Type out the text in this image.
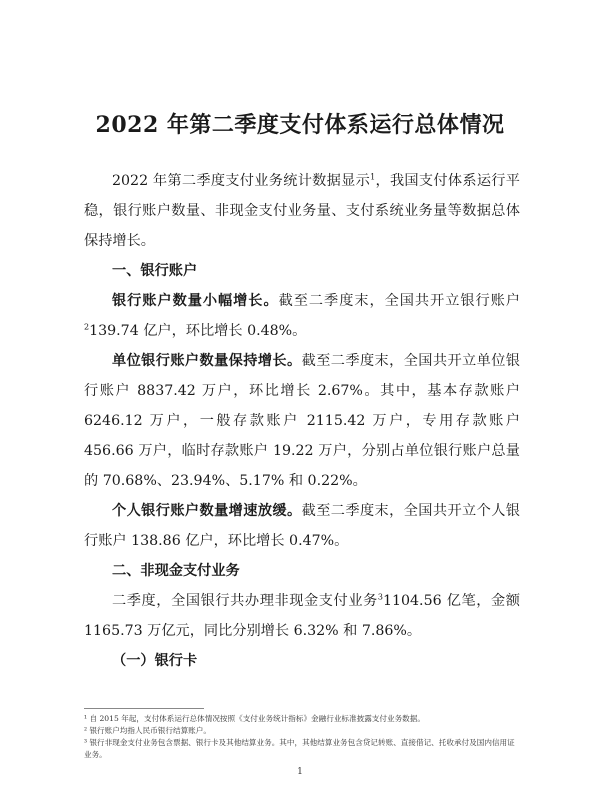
2022 年第二季度支付体系运行总体情况

2022 年第二季度支付业务统计数据显示$^1$，我国支付体系运行平稳，银行账户数量、非现金支付业务量、支付系统业务量等数据总体保持增长。

一、银行账户

银行账户数量小幅增长。截至二季度末，全国共开立银行账户$^2$139.74 亿户，环比增长 0.48%。

单位银行账户数量保持增长。截至二季度末，全国共开立单位银行账户 8837.42 万户，环比增长 2.67%。其中，基本存款账户 6246.12 万户，一般存款账户 2115.42 万户，专用存款账户 456.66 万户，临时存款账户 19.22 万户，分别占单位银行账户总量的 70.68%、23.94%、5.17% 和 0.22%。

个人银行账户数量增速放缓。截至二季度末，全国共开立个人银行账户 138.86 亿户，环比增长 0.47%。

二、非现金支付业务

二季度，全国银行共办理非现金支付业务$^3$1104.56 亿笔，金额 1165.73 万亿元，同比分别增长 6.32% 和 7.86%。

（一）银行卡

¹ 自 2015 年起，支付体系运行总体情况按照《支付业务统计指标》金融行业标准披露支付业务数据。
² 银行账户均指人民币银行结算账户。
³ 银行非现金支付业务包含票据、银行卡及其他结算业务。其中，其他结算业务包含贷记转账、直接借记、托收承付及国内信用证业务。
1
